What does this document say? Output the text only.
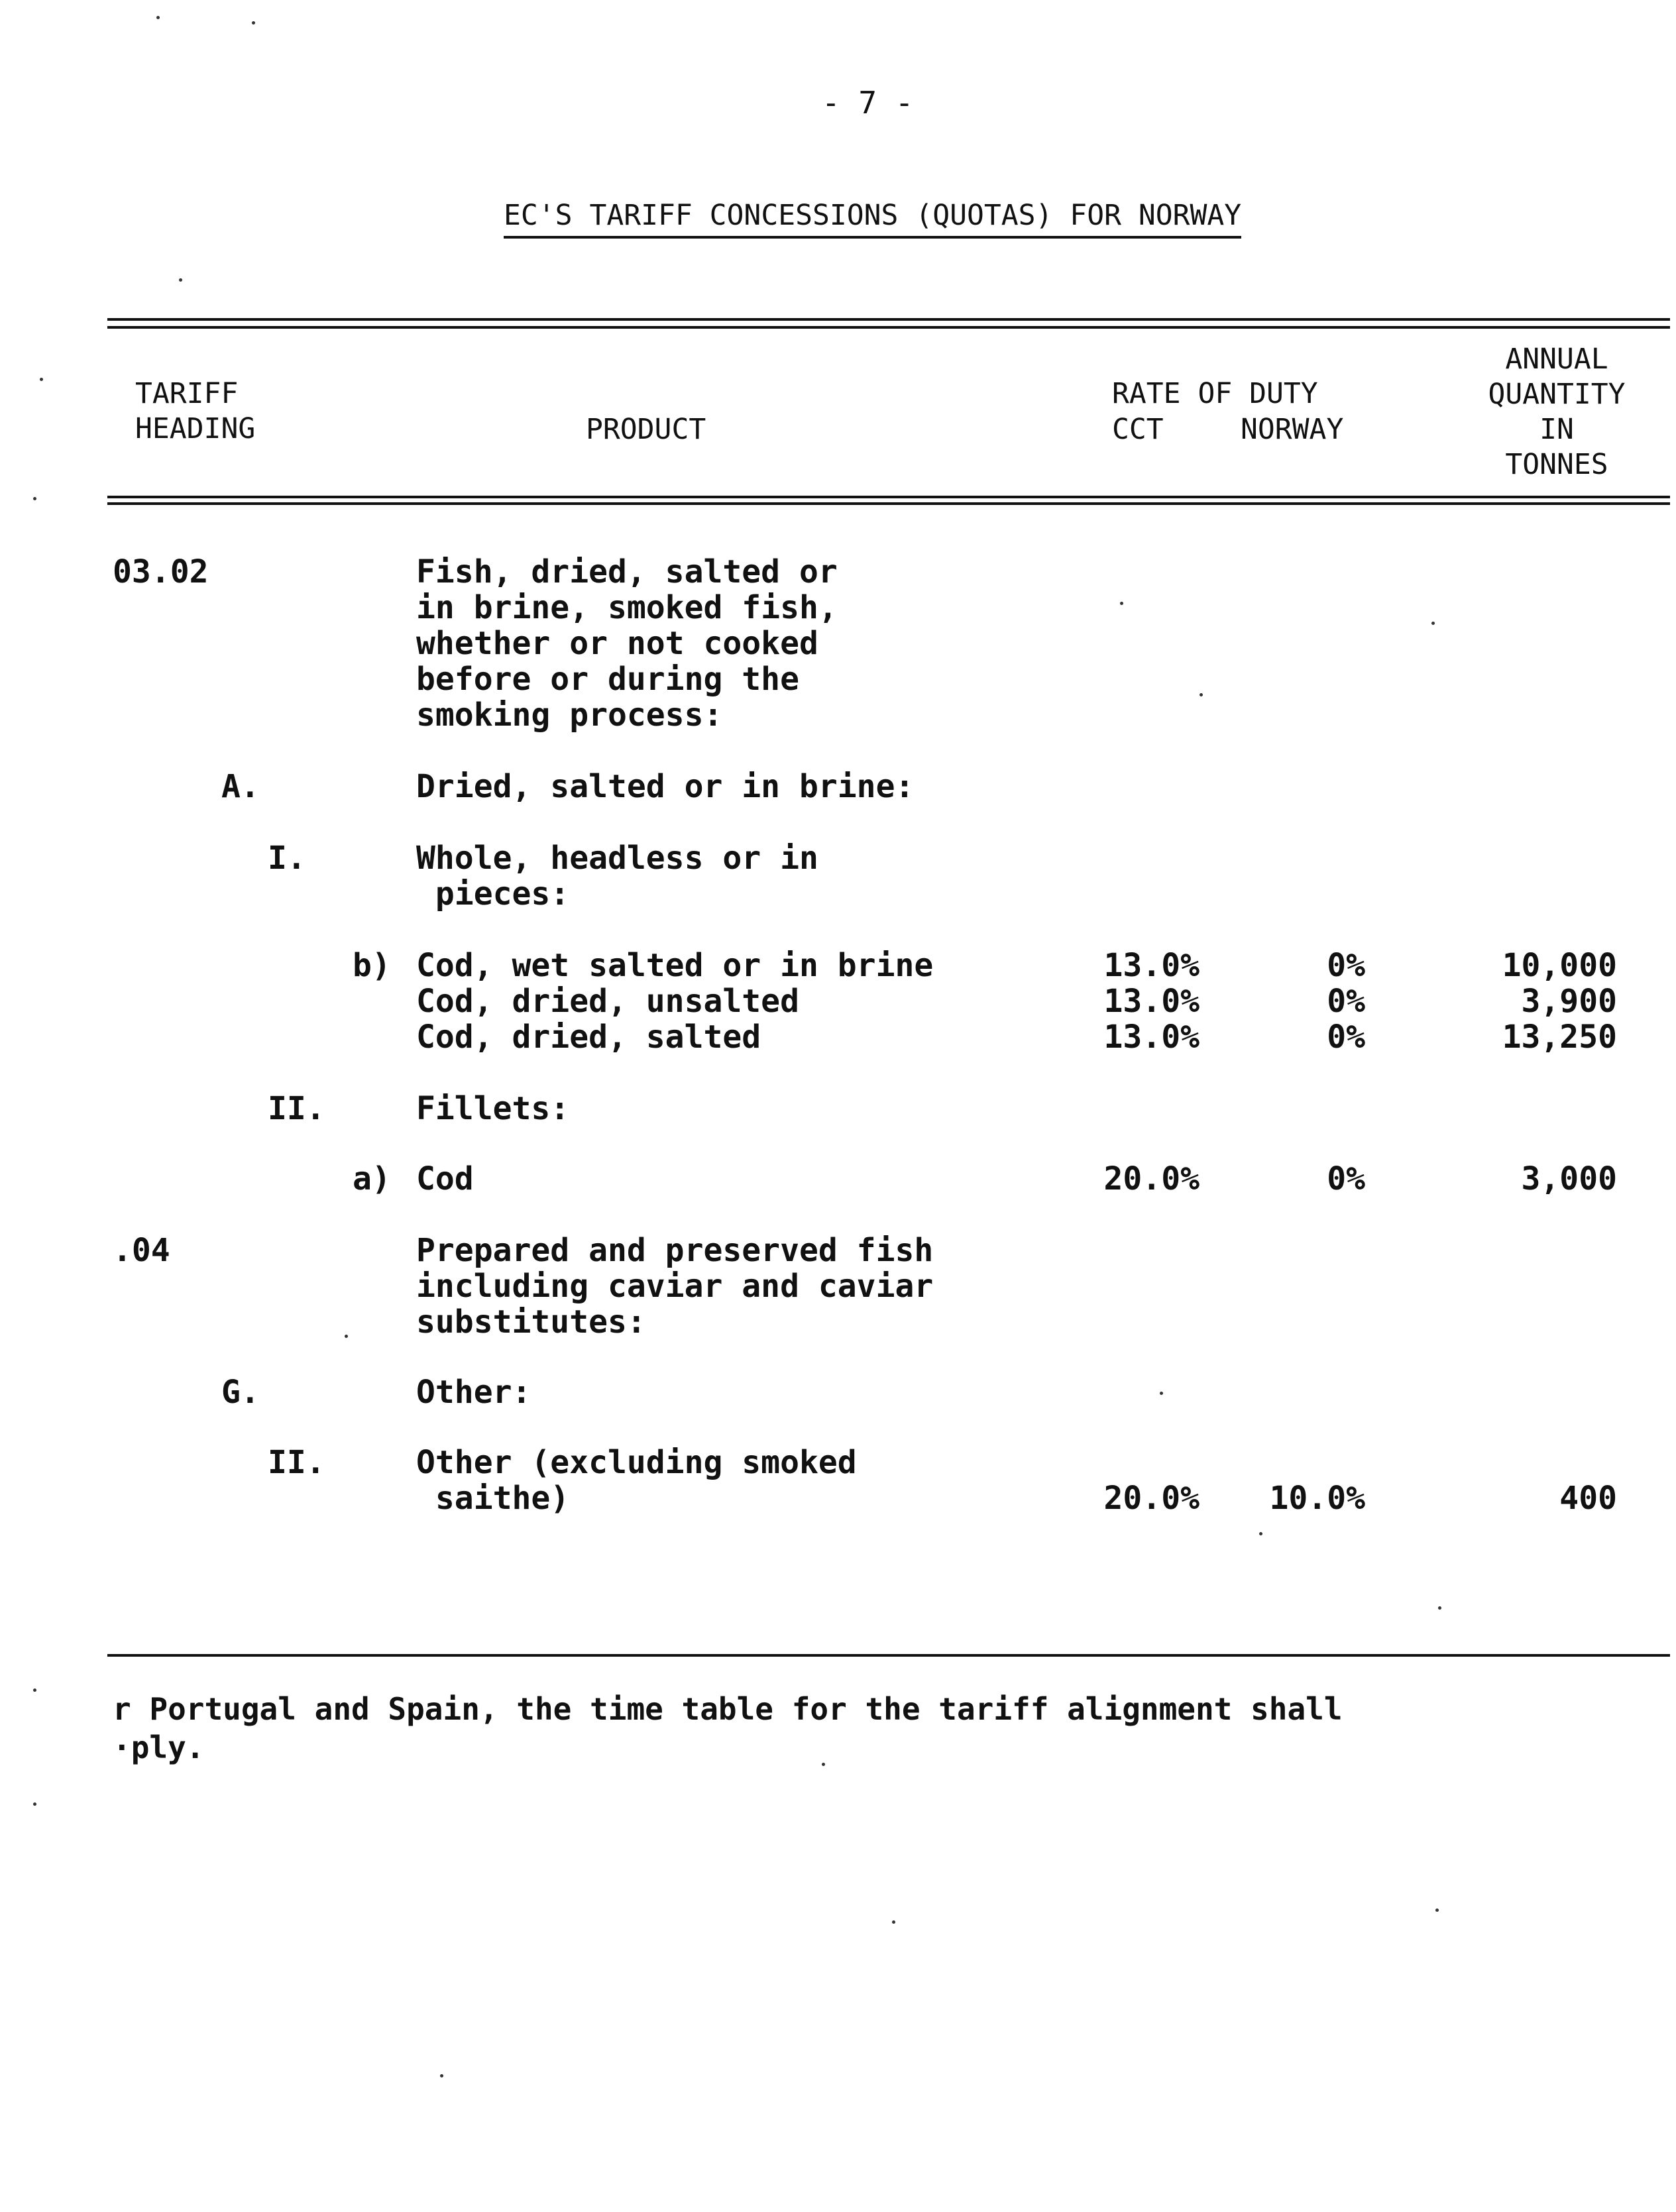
- 7 -
EC'S TARIFF CONCESSIONS (QUOTAS) FOR NORWAY
TARIFF
HEADING	PRODUCT
RATE OF DUTY
CCT	NORWAY
ANNUAL
QUANTITY
IN
TONNES
03.02	Fish, dried, salted or
in brine, smoked fish,
whether or not cooked
before or during the
smoking process:
A.	Dried, salted or in brine:
I.	Whole, headless or in
pieces:
b) Cod, wet salted or in brine	13.0%	0%	10,000
Cod, dried, unsalted	13.0%	0%	3,900
Cod, dried, salted	13.0%	0%	13,250
II.	Fillets:
a) Cod	20.0%	0%	3,000
.04	Prepared and preserved fish
including caviar and caviar
substitutes:
G.	Other:
II.	Other (excluding smoked
saithe)	20.0%	10.0%	400
r Portugal and Spain, the time table for the tariff alignment shall
·ply.
